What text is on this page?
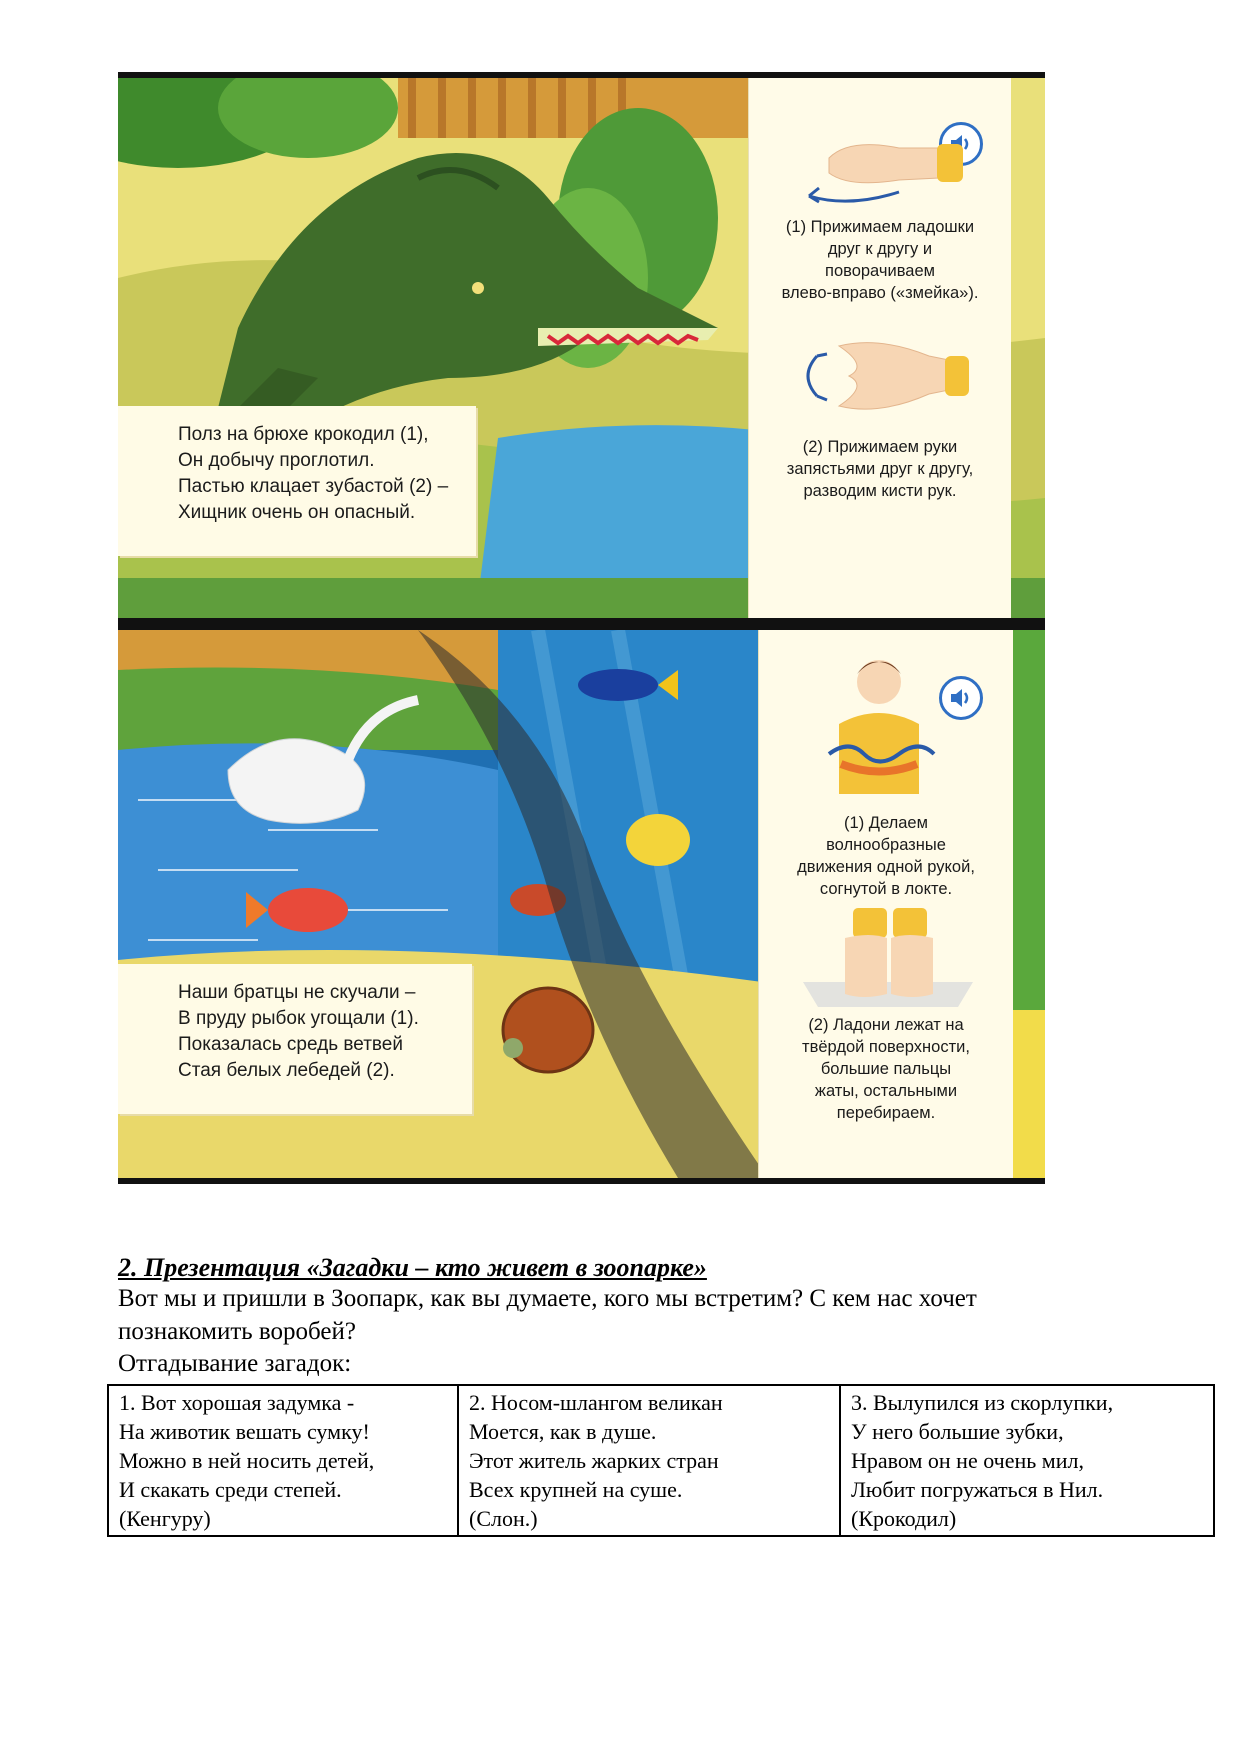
Полз на брюхе крокодил (1),
Он добычу проглотил.
Пастью клацает зубастой (2) –
Хищник очень он опасный.
(1) Прижимаем ладошки
друг к другу и
поворачиваем
влево-вправо («змейка»).
(2) Прижимаем руки
запястьями друг к другу,
разводим кисти рук.
Наши братцы не скучали –
В пруду рыбок угощали (1).
Показалась средь ветвей
Стая белых лебедей (2).
(1) Делаем
волнообразные
движения одной рукой,
согнутой в локте.
(2) Ладони лежат на
твёрдой поверхности,
большие пальцы
жаты, остальными
перебираем.
2. Презентация «Загадки – кто живет в зоопарке»
Вот мы и пришли в Зоопарк, как вы думаете, кого мы встретим? С кем нас хочет
познакомить воробей?
Отгадывание загадок:
1. Вот хорошая задумка -
На животик вешать сумку!
Можно в ней носить детей,
И скакать среди степей.
(Кенгуру)

2. Носом-шлангом великан
Моется, как в душе.
Этот житель жарких стран
Всех крупней на суше.
(Слон.)

3. Вылупился из скорлупки,
У него большие зубки,
Нравом он не очень мил,
Любит погружаться в Нил.
(Крокодил)
